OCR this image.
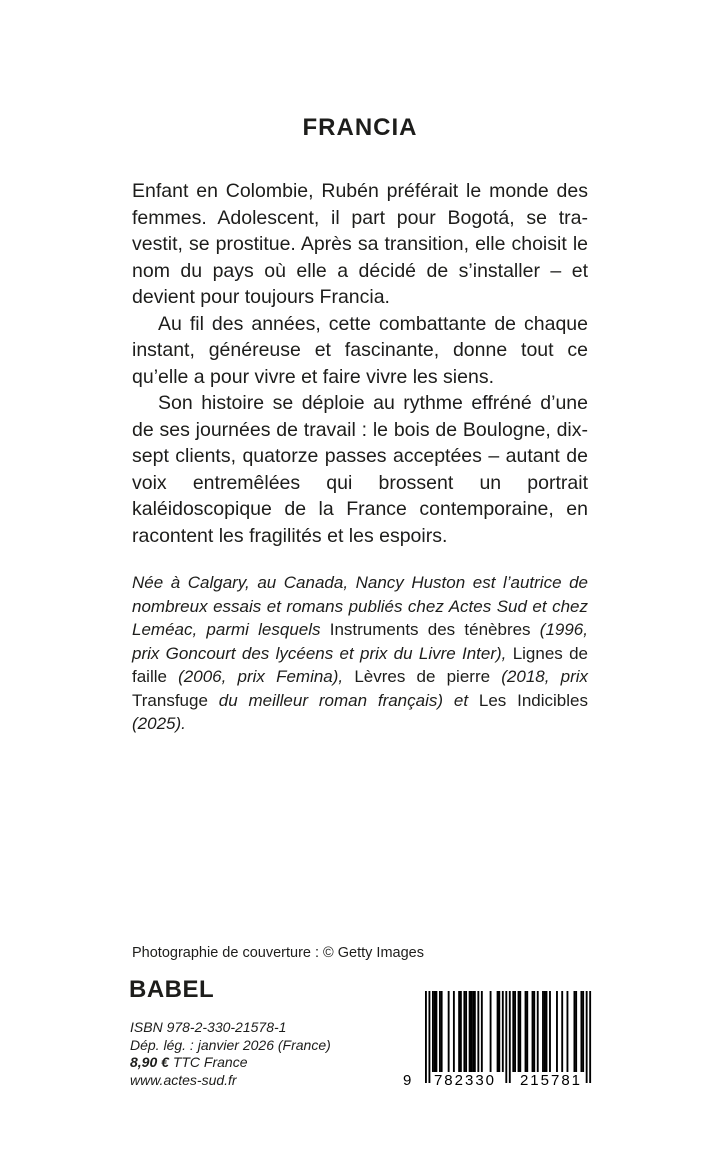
FRANCIA

Enfant en Colombie, Rubén préférait le monde des femmes. Adolescent, il part pour Bogotá, se travestit, se prostitue. Après sa transition, elle choisit le nom du pays où elle a décidé de s’installer – et devient pour toujours Francia.

Au fil des années, cette combattante de chaque instant, généreuse et fascinante, donne tout ce qu’elle a pour vivre et faire vivre les siens.

Son histoire se déploie au rythme effréné d’une de ses journées de travail : le bois de Boulogne, dix-sept clients, quatorze passes acceptées – autant de voix entremêlées qui brossent un portrait kaléidoscopique de la France contemporaine, en racontent les fragilités et les espoirs.

Née à Calgary, au Canada, Nancy Huston est l’autrice de nombreux essais et romans publiés chez Actes Sud et chez Leméac, parmi lesquels Instruments des ténèbres (1996, prix Goncourt des lycéens et prix du Livre Inter), Lignes de faille (2006, prix Femina), Lèvres de pierre (2018, prix Transfuge du meilleur roman français) et Les Indicibles (2025).
Photographie de couverture : © Getty Images
BABEL
ISBN 978-2-330-21578-1
Dép. lég. : janvier 2026 (France)
8,90 € TTC France
www.actes-sud.fr	9 782330 215781
